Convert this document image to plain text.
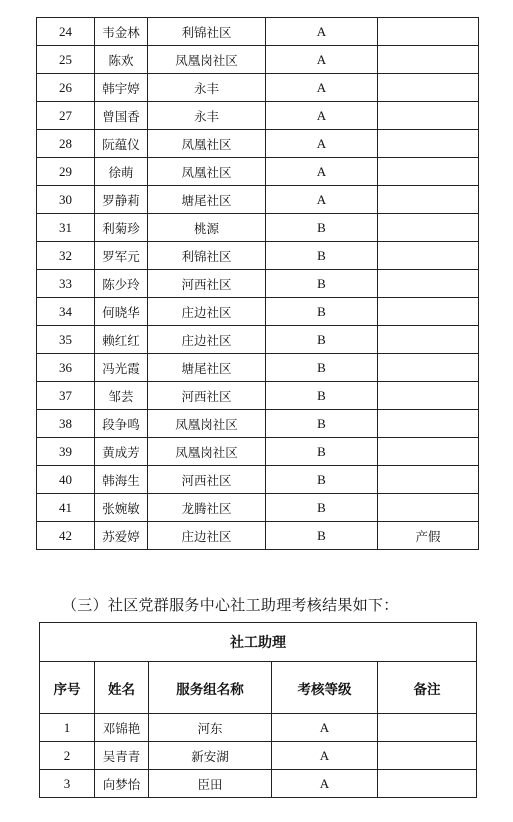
24	韦金林	利锦社区	A	
25	陈欢	凤凰岗社区	A	
26	韩宇婷	永丰	A	
27	曾国香	永丰	A	
28	阮蕴仪	凤凰社区	A	
29	徐萌	凤凰社区	A	
30	罗静莉	塘尾社区	A	
31	利菊珍	桃源	B	
32	罗军元	利锦社区	B	
33	陈少玲	河西社区	B	
34	何晓华	庄边社区	B	
35	赖红红	庄边社区	B	
36	冯光霞	塘尾社区	B	
37	邹芸	河西社区	B	
38	段争鸣	凤凰岗社区	B	
39	黄成芳	凤凰岗社区	B	
40	韩海生	河西社区	B	
41	张婉敏	龙腾社区	B	
42	苏爱婷	庄边社区	B	产假
（三）社区党群服务中心社工助理考核结果如下：
社工助理				
序号	姓名	服务组名称	考核等级	备注
1	邓锦艳	河东	A	
2	吴青青	新安湖	A	
3	向梦怡	臣田	A	
